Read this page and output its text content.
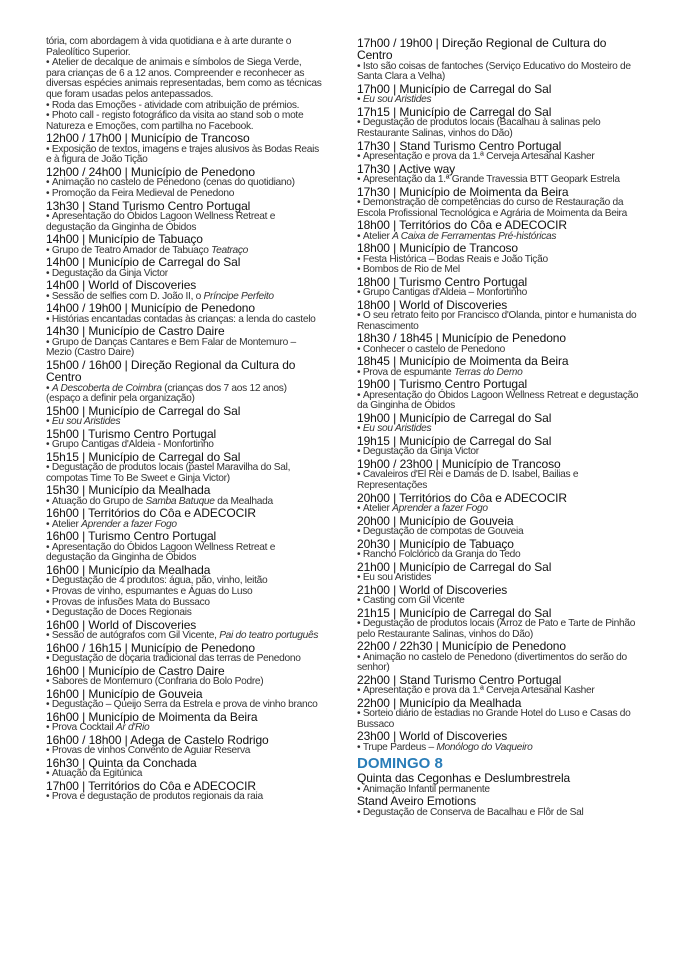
tória, com abordagem à vida quotidiana e à arte durante o Paleolítico Superior.
• Atelier de decalque de animais e símbolos de Siega Verde, para crianças de 6 a 12 anos. Compreender e reconhecer as diversas espécies animais representadas, bem como as técnicas que foram usadas pelos antepassados.
• Roda das Emoções - atividade com atribuição de prémios.
• Photo call - registo fotográfico da visita ao stand sob o mote Natureza e Emoções, com partilha no Facebook.
12h00 / 17h00 | Município de Trancoso
• Exposição de textos, imagens e trajes alusivos às Bodas Reais e à figura de João Tição
12h00 / 24h00 | Município de Penedono
• Animação no castelo de Penedono (cenas do quotidiano)
• Promoção da Feira Medieval de Penedono
13h30 | Stand Turismo Centro Portugal
• Apresentação do Óbidos Lagoon Wellness Retreat e degustação da Ginginha de Óbidos
14h00 | Município de Tabuaço
• Grupo de Teatro Amador de Tabuaço Teatraço
14h00 | Município de Carregal do Sal
• Degustação da Ginja Victor
14h00 | World of Discoveries
• Sessão de selfies com D. João II, o Príncipe Perfeito
14h00 / 19h00 | Município de Penedono
• Histórias encantadas contadas às crianças: a lenda do castelo
14h30 | Município de Castro Daire
• Grupo de Danças Cantares e Bem Falar de Montemuro – Mezio (Castro Daire)
15h00 / 16h00 | Direção Regional da Cultura do Centro
• A Descoberta de Coimbra (crianças dos 7 aos 12 anos) (espaço a definir pela organização)
15h00 | Município de Carregal do Sal
• Eu sou Aristides
15h00 | Turismo Centro Portugal
• Grupo Cantigas d'Aldeia - Monfortinho
15h15 | Município de Carregal do Sal
• Degustação de produtos locais (pastel Maravilha do Sal, compotas Time To Be Sweet e Ginja Victor)
15h30 | Município da Mealhada
• Atuação do Grupo de Samba Batuque da Mealhada
16h00 | Territórios do Côa e ADECOCIR
• Atelier Aprender a fazer Fogo
16h00 | Turismo Centro Portugal
• Apresentação do Óbidos Lagoon Wellness Retreat e degustação da Ginginha de Óbidos
16h00 | Município da Mealhada
• Degustação de 4 produtos: água, pão, vinho, leitão
• Provas de vinho, espumantes e Águas do Luso
• Provas de infusões Mata do Bussaco
• Degustação de Doces Regionais
16h00 | World of Discoveries
• Sessão de autógrafos com Gil Vicente, Pai do teatro português
16h00 / 16h15 | Município de Penedono
• Degustação de doçaria tradicional das terras de Penedono
16h00 | Município de Castro Daire
• Sabores de Montemuro (Confraria do Bolo Podre)
16h00 | Município de Gouveia
• Degustação – Queijo Serra da Estrela e prova de vinho branco
16h00 | Município de Moimenta da Beira
• Prova Cocktail Ar d'Rio
16h00 / 18h00 | Adega de Castelo Rodrigo
• Provas de vinhos Convento de Aguiar Reserva
16h30 | Quinta da Conchada
• Atuação da Egitúnica
17h00 | Territórios do Côa e ADECOCIR
• Prova e degustação de produtos regionais da raia
17h00 / 19h00 | Direção Regional de Cultura do Centro
• Isto são coisas de fantoches (Serviço Educativo do Mosteiro de Santa Clara a Velha)
17h00 | Município de Carregal do Sal
• Eu sou Aristides
17h15 | Município de Carregal do Sal
• Degustação de produtos locais (Bacalhau à salinas pelo Restaurante Salinas, vinhos do Dão)
17h30 | Stand Turismo Centro Portugal
• Apresentação e prova da 1.ª Cerveja Artesanal Kasher
17h30 | Active way
• Apresentação da 1.ª Grande Travessia BTT Geopark Estrela
17h30 | Município de Moimenta da Beira
• Demonstração de competências do curso de Restauração da Escola Profissional Tecnológica e Agrária de Moimenta da Beira
18h00 | Territórios do Côa e ADECOCIR
• Atelier A Caixa de Ferramentas Pré-históricas
18h00 | Município de Trancoso
• Festa Histórica – Bodas Reais e João Tição
• Bombos de Rio de Mel
18h00 | Turismo Centro Portugal
• Grupo Cantigas d'Aldeia – Monfortinho
18h00 | World of Discoveries
• O seu retrato feito por Francisco d'Olanda, pintor e humanista do Renascimento
18h30 / 18h45 | Município de Penedono
• Conhecer o castelo de Penedono
18h45 | Município de Moimenta da Beira
• Prova de espumante Terras do Demo
19h00 | Turismo Centro Portugal
• Apresentação do Óbidos Lagoon Wellness Retreat e degustação da Ginginha de Óbidos
19h00 | Município de Carregal do Sal
• Eu sou Aristides
19h15 | Município de Carregal do Sal
• Degustação da Ginja Victor
19h00 / 23h00 | Município de Trancoso
• Cavaleiros d'El Rei e Damas de D. Isabel, Bailias e Representações
20h00 | Territórios do Côa e ADECOCIR
• Atelier Aprender a fazer Fogo
20h00 | Município de Gouveia
• Degustação de compotas de Gouveia
20h30 | Município de Tabuaço
• Rancho Folclórico da Granja do Tedo
21h00 | Município de Carregal do Sal
• Eu sou Aristides
21h00 | World of Discoveries
• Casting com Gil Vicente
21h15 | Município de Carregal do Sal
• Degustação de produtos locais (Arroz de Pato e Tarte de Pinhão pelo Restaurante Salinas, vinhos do Dão)
22h00 / 22h30 | Município de Penedono
• Animação no castelo de Penedono (divertimentos do serão do senhor)
22h00 | Stand Turismo Centro Portugal
• Apresentação e prova da 1.ª Cerveja Artesanal Kasher
22h00 | Município da Mealhada
• Sorteio diário de estadias no Grande Hotel do Luso e Casas do Bussaco
23h00 | World of Discoveries
• Trupe Pardeus – Monólogo do Vaqueiro
DOMINGO 8
Quinta das Cegonhas e Deslumbrestrela
• Animação Infantil permanente
Stand Aveiro Emotions
• Degustação de Conserva de Bacalhau e Flôr de Sal
